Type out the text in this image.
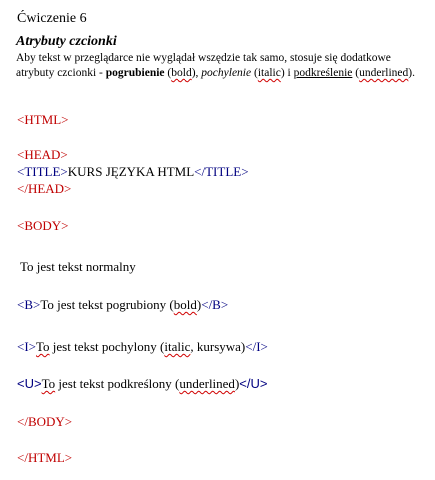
Ćwiczenie 6
Atrybuty czcionki
Aby tekst w przeglądarce nie wyglądał wszędzie tak samo, stosuje się dodatkowe atrybuty czcionki - pogrubienie (bold), pochylenie (italic) i podkreślenie (underlined).
<HTML>
<HEAD>
<TITLE>KURS JĘZYKA HTML</TITLE>
</HEAD>
<BODY>
To jest tekst normalny
<B>To jest tekst pogrubiony (bold)</B>
<I>To jest tekst pochylony (italic, kursywa)</I>
<U>To jest tekst podkreślony (underlined)</U>
</BODY>
</HTML>
